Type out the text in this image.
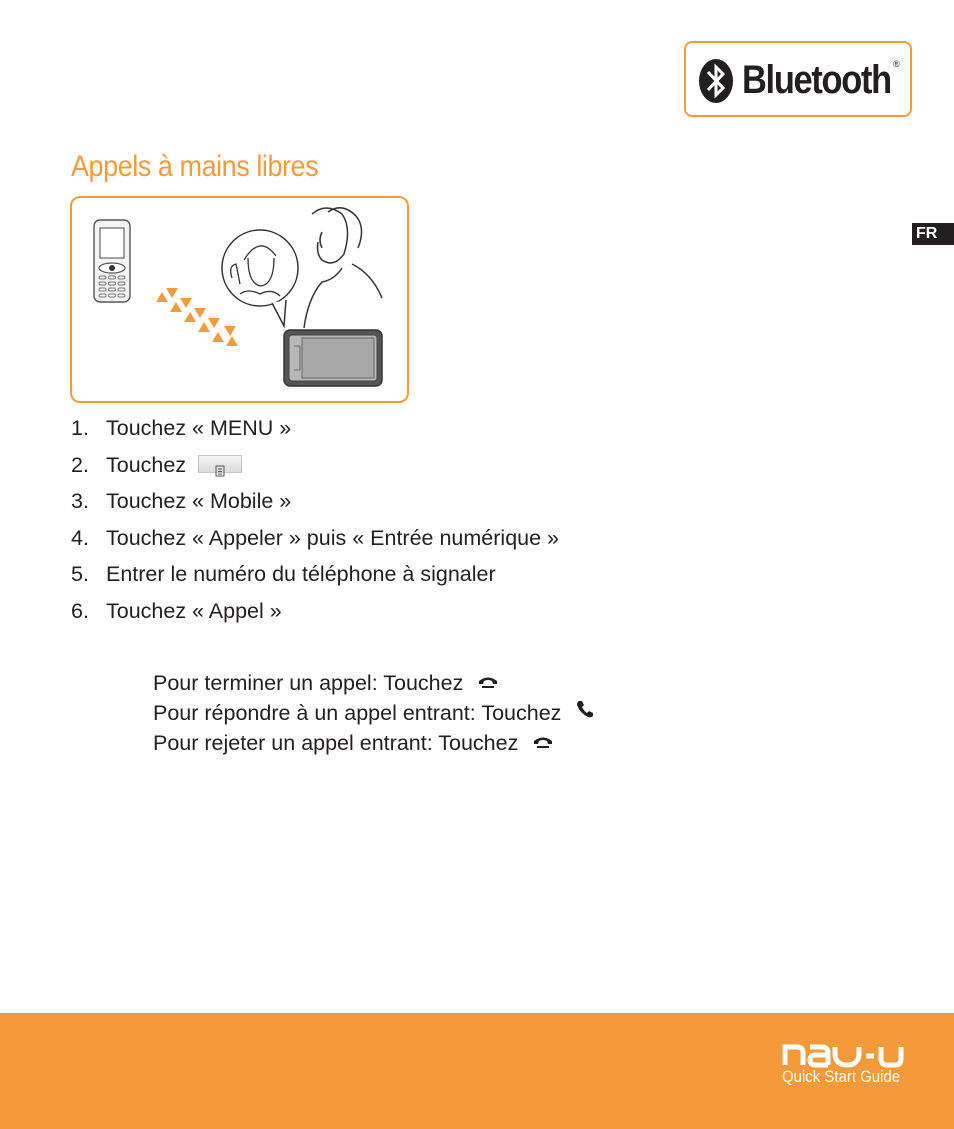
Bluetooth ®
Appels à mains libres
FR
1. Touchez « MENU »
2. Touchez
3. Touchez « Mobile »
4. Touchez « Appeler » puis « Entrée numérique »
5. Entrer le numéro du téléphone à signaler
6. Touchez « Appel »
Pour terminer un appel: Touchez
Pour répondre à un appel entrant: Touchez
Pour rejeter un appel entrant: Touchez
Quick Start Guide
